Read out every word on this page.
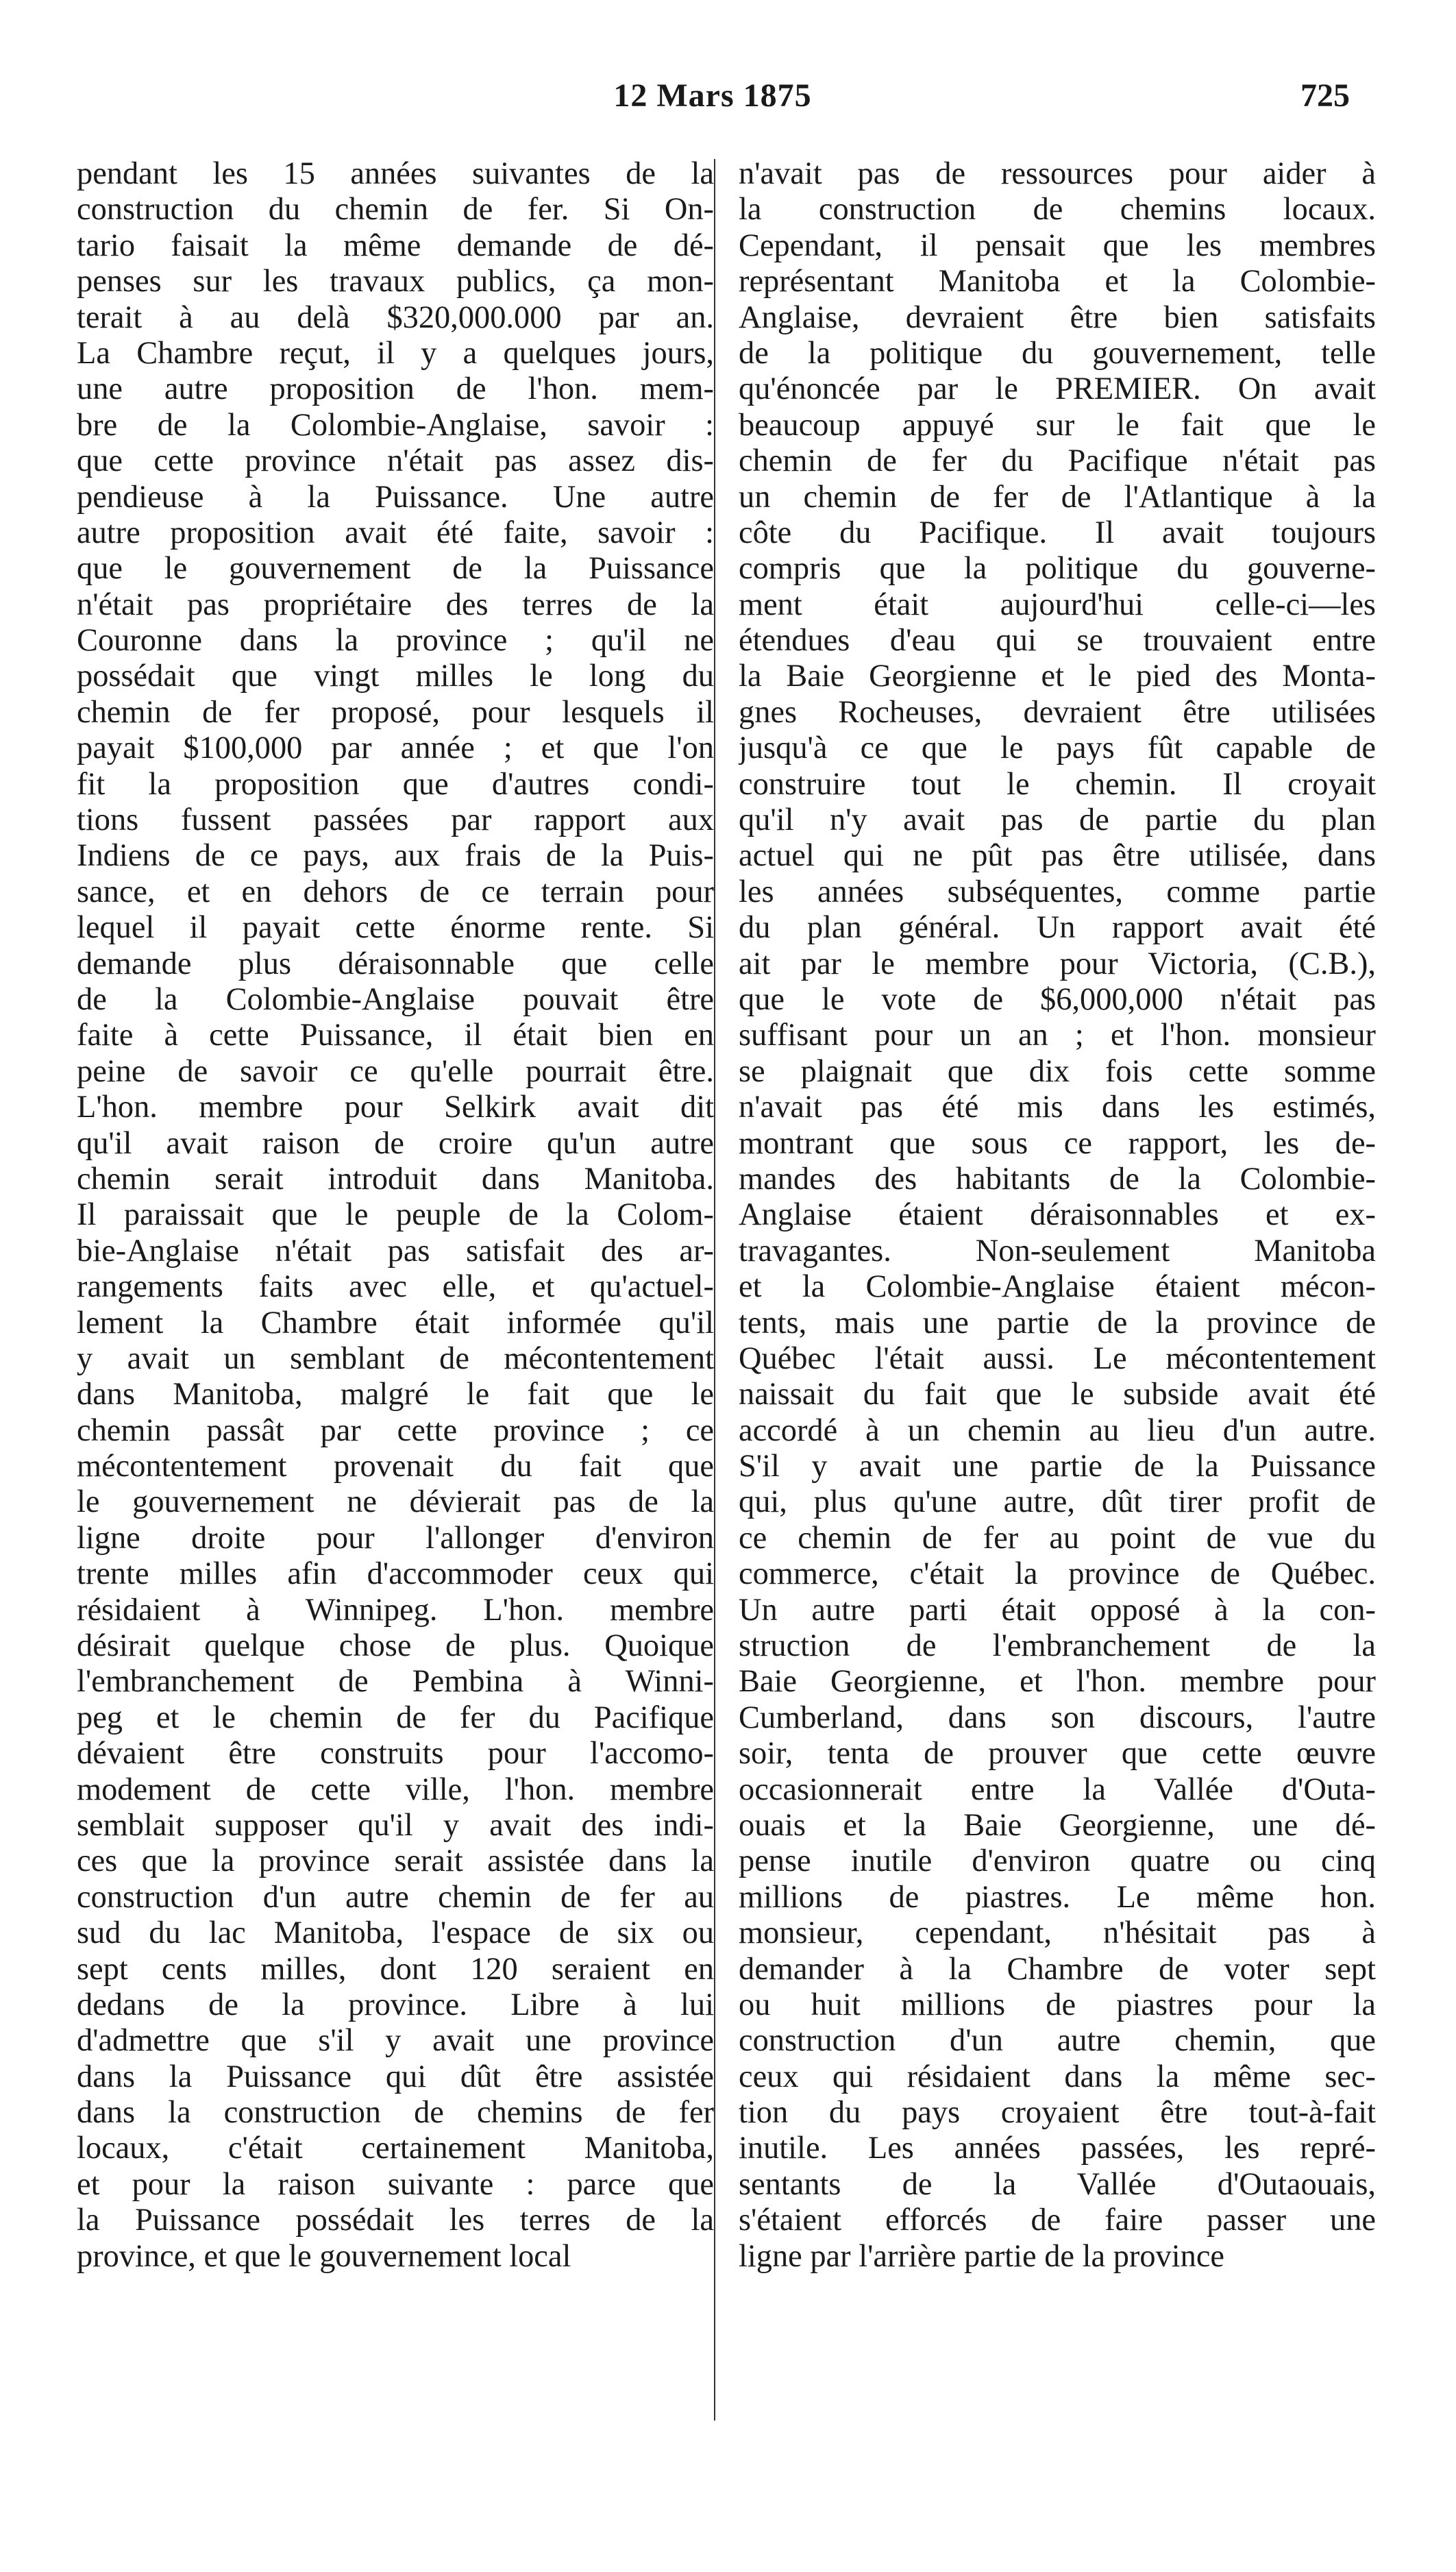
12 Mars 1875	725
pendant les 15 années suivantes de la
construction du chemin de fer. Si On-
tario faisait la même demande de dé-
penses sur les travaux publics, ça mon-
terait à au delà $320,000.000 par an.
La Chambre reçut, il y a quelques jours,
une autre proposition de l'hon. mem-
bre de la Colombie-Anglaise, savoir :
que cette province n'était pas assez dis-
pendieuse à la Puissance. Une autre
autre proposition avait été faite, savoir :
que le gouvernement de la Puissance
n'était pas propriétaire des terres de la
Couronne dans la province ; qu'il ne
possédait que vingt milles le long du
chemin de fer proposé, pour lesquels il
payait $100,000 par année ; et que l'on
fit la proposition que d'autres condi-
tions fussent passées par rapport aux
Indiens de ce pays, aux frais de la Puis-
sance, et en dehors de ce terrain pour
lequel il payait cette énorme rente. Si
demande plus déraisonnable que celle
de la Colombie-Anglaise pouvait être
faite à cette Puissance, il était bien en
peine de savoir ce qu'elle pourrait être.
L'hon. membre pour Selkirk avait dit
qu'il avait raison de croire qu'un autre
chemin serait introduit dans Manitoba.
Il paraissait que le peuple de la Colom-
bie-Anglaise n'était pas satisfait des ar-
rangements faits avec elle, et qu'actuel-
lement la Chambre était informée qu'il
y avait un semblant de mécontentement
dans Manitoba, malgré le fait que le
chemin passât par cette province ; ce
mécontentement provenait du fait que
le gouvernement ne dévierait pas de la
ligne droite pour l'allonger d'environ
trente milles afin d'accommoder ceux qui
résidaient à Winnipeg. L'hon. membre
désirait quelque chose de plus. Quoique
l'embranchement de Pembina à Winni-
peg et le chemin de fer du Pacifique
dévaient être construits pour l'accomo-
modement de cette ville, l'hon. membre
semblait supposer qu'il y avait des indi-
ces que la province serait assistée dans la
construction d'un autre chemin de fer au
sud du lac Manitoba, l'espace de six ou
sept cents milles, dont 120 seraient en
dedans de la province. Libre à lui
d'admettre que s'il y avait une province
dans la Puissance qui dût être assistée
dans la construction de chemins de fer
locaux, c'était certainement Manitoba,
et pour la raison suivante : parce que
la Puissance possédait les terres de la
province, et que le gouvernement local
n'avait pas de ressources pour aider à
la construction de chemins locaux.
Cependant, il pensait que les membres
représentant Manitoba et la Colombie-
Anglaise, devraient être bien satisfaits
de la politique du gouvernement, telle
qu'énoncée par le PREMIER. On avait
beaucoup appuyé sur le fait que le
chemin de fer du Pacifique n'était pas
un chemin de fer de l'Atlantique à la
côte du Pacifique. Il avait toujours
compris que la politique du gouverne-
ment était aujourd'hui celle-ci—les
étendues d'eau qui se trouvaient entre
la Baie Georgienne et le pied des Monta-
gnes Rocheuses, devraient être utilisées
jusqu'à ce que le pays fût capable de
construire tout le chemin. Il croyait
qu'il n'y avait pas de partie du plan
actuel qui ne pût pas être utilisée, dans
les années subséquentes, comme partie
du plan général. Un rapport avait été
ait par le membre pour Victoria, (C.B.),
que le vote de $6,000,000 n'était pas
suffisant pour un an ; et l'hon. monsieur
se plaignait que dix fois cette somme
n'avait pas été mis dans les estimés,
montrant que sous ce rapport, les de-
mandes des habitants de la Colombie-
Anglaise étaient déraisonnables et ex-
travagantes. Non-seulement Manitoba
et la Colombie-Anglaise étaient mécon-
tents, mais une partie de la province de
Québec l'était aussi. Le mécontentement
naissait du fait que le subside avait été
accordé à un chemin au lieu d'un autre.
S'il y avait une partie de la Puissance
qui, plus qu'une autre, dût tirer profit de
ce chemin de fer au point de vue du
commerce, c'était la province de Québec.
Un autre parti était opposé à la con-
struction de l'embranchement de la
Baie Georgienne, et l'hon. membre pour
Cumberland, dans son discours, l'autre
soir, tenta de prouver que cette œuvre
occasionnerait entre la Vallée d'Outa-
ouais et la Baie Georgienne, une dé-
pense inutile d'environ quatre ou cinq
millions de piastres. Le même hon.
monsieur, cependant, n'hésitait pas à
demander à la Chambre de voter sept
ou huit millions de piastres pour la
construction d'un autre chemin, que
ceux qui résidaient dans la même sec-
tion du pays croyaient être tout-à-fait
inutile. Les années passées, les repré-
sentants de la Vallée d'Outaouais,
s'étaient efforcés de faire passer une
ligne par l'arrière partie de la province
